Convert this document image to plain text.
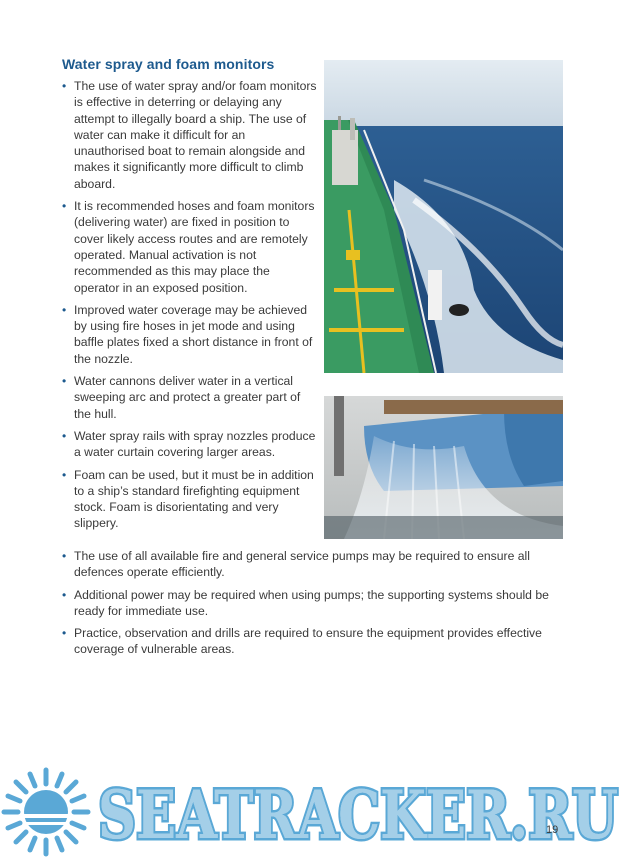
Water spray and foam monitors
• The use of water spray and/or foam monitors is effective in deterring or delaying any attempt to illegally board a ship. The use of water can make it difficult for an unauthorised boat to remain alongside and makes it significantly more difficult to climb aboard.
• It is recommended hoses and foam monitors (delivering water) are fixed in position to cover likely access routes and are remotely operated. Manual activation is not recommended as this may place the operator in an exposed position.
• Improved water coverage may be achieved by using fire hoses in jet mode and using baffle plates fixed a short distance in front of the nozzle.
• Water cannons deliver water in a vertical sweeping arc and protect a greater part of the hull.
• Water spray rails with spray nozzles produce a water curtain covering larger areas.
• Foam can be used, but it must be in addition to a ship’s standard firefighting equipment stock. Foam is disorientating and very slippery.
• The use of all available fire and general service pumps may be required to ensure all defences operate efficiently.
• Additional power may be required when using pumps; the supporting systems should be ready for immediate use.
• Practice, observation and drills are required to ensure the equipment provides effective coverage of vulnerable areas.
SEATRACKER.RU
SEATRACKER.RU
19
